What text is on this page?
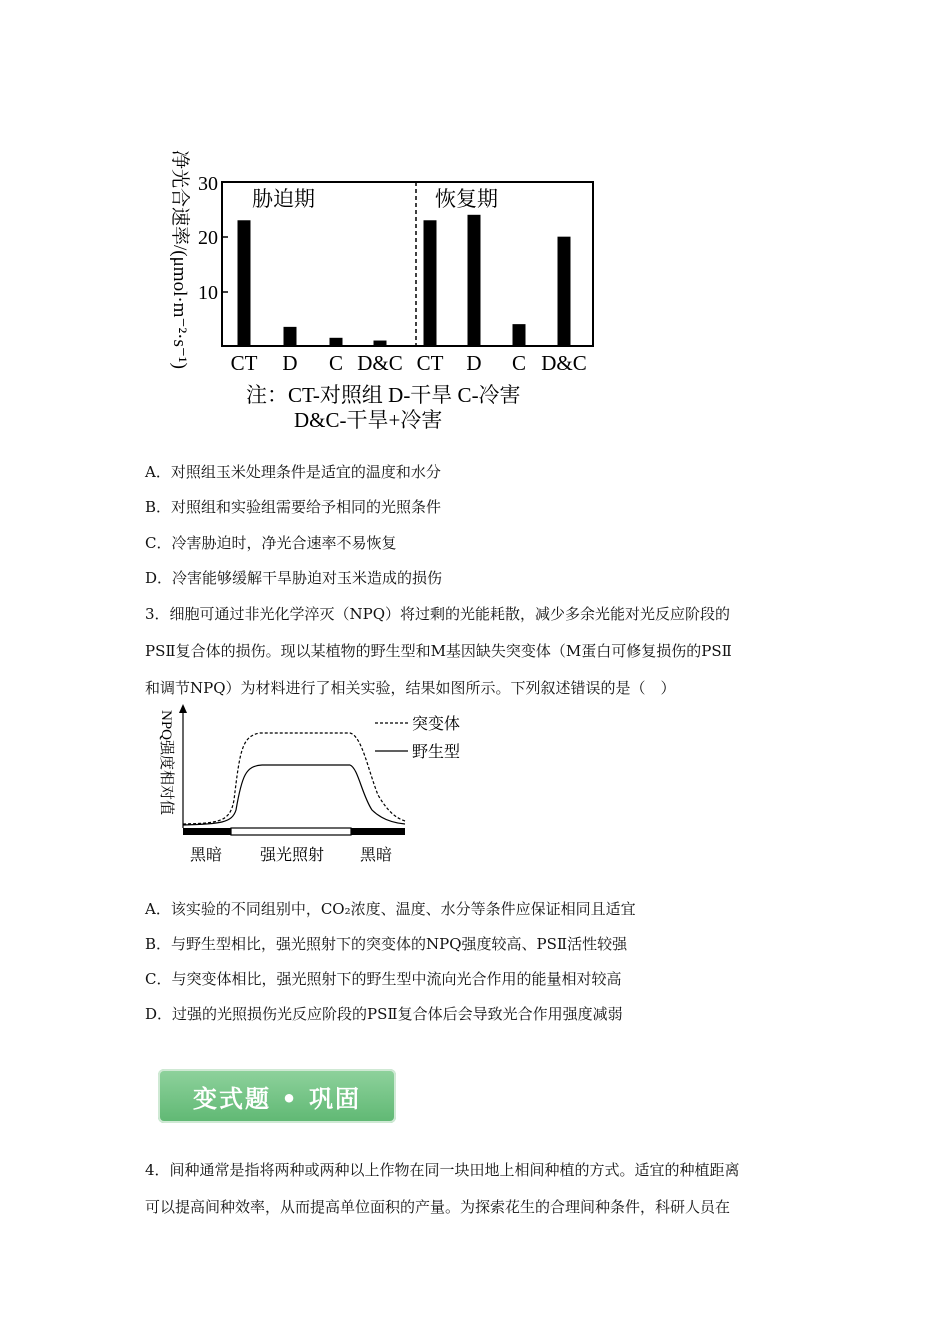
10
20
30
胁迫期	恢复期
CT D C D&C CT D C D&C
净光合速率/(μmol·m⁻²·s⁻¹)
注：CT-对照组 D-干旱 C-冷害
D&C-干旱+冷害
A．对照组玉米处理条件是适宜的温度和水分
B．对照组和实验组需要给予相同的光照条件
C．冷害胁迫时，净光合速率不易恢复
D．冷害能够缓解干旱胁迫对玉米造成的损伤
3．细胞可通过非光化学淬灭（NPQ）将过剩的光能耗散，减少多余光能对光反应阶段的
PSⅡ复合体的损伤。现以某植物的野生型和M基因缺失突变体（M蛋白可修复损伤的PSⅡ
和调节NPQ）为材料进行了相关实验，结果如图所示。下列叙述错误的是（　）
NPQ强度相对值	突变体
野生型
黑暗 强光照射 黑暗
A．该实验的不同组别中，CO₂浓度、温度、水分等条件应保证相同且适宜
B．与野生型相比，强光照射下的突变体的NPQ强度较高、PSⅡ活性较强
C．与突变体相比，强光照射下的野生型中流向光合作用的能量相对较高
D．过强的光照损伤光反应阶段的PSⅡ复合体后会导致光合作用强度减弱
变式题 • 巩固
4．间种通常是指将两种或两种以上作物在同一块田地上相间种植的方式。适宜的种植距离
可以提高间种效率，从而提高单位面积的产量。为探索花生的合理间种条件，科研人员在
